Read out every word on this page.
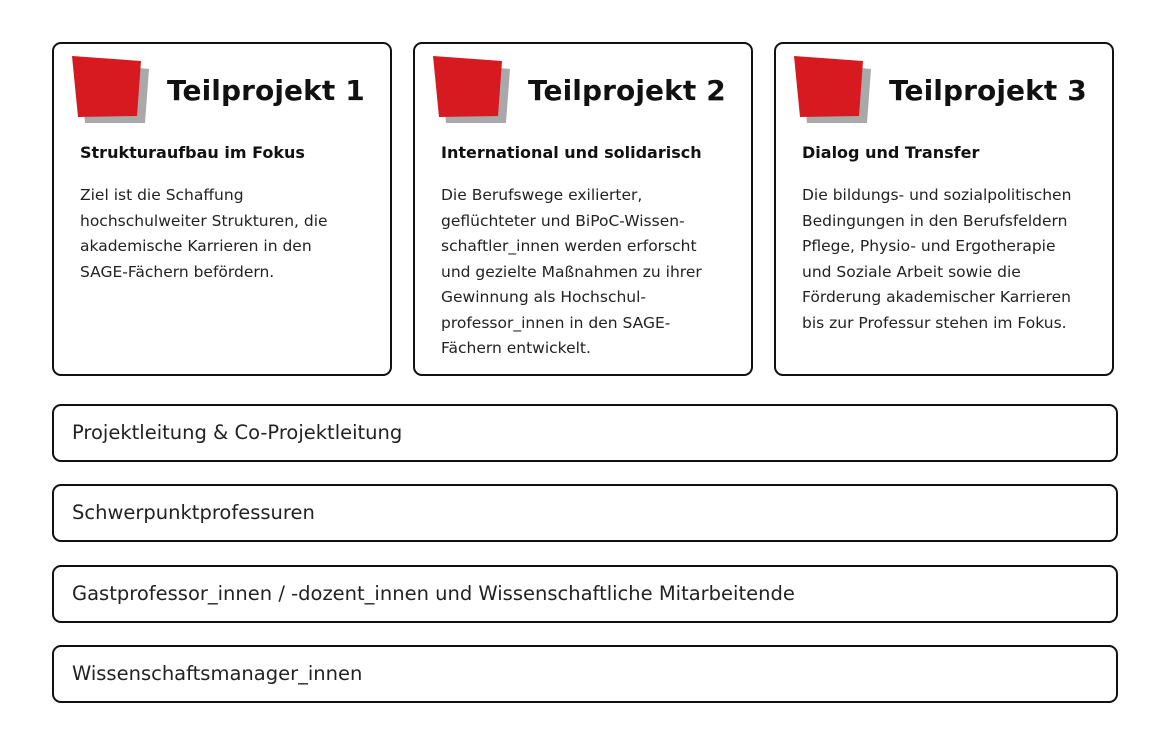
Teilprojekt 1
Strukturaufbau im Fokus

Ziel ist die Schaffung
hochschulweiter Strukturen, die
akademische Karrieren in den
SAGE-Fächern befördern.

Teilprojekt 2
International und solidarisch

Die Berufswege exilierter,
geflüchteter und BiPoC-Wissen-
schaftler_innen werden erforscht
und gezielte Maßnahmen zu ihrer
Gewinnung als Hochschul-
professor_innen in den SAGE-
Fächern entwickelt.

Teilprojekt 3
Dialog und Transfer

Die bildungs- und sozialpolitischen
Bedingungen in den Berufsfeldern
Pflege, Physio- und Ergotherapie
und Soziale Arbeit sowie die
Förderung akademischer Karrieren
bis zur Professur stehen im Fokus.

Projektleitung & Co-Projektleitung
Schwerpunktprofessuren
Gastprofessor_innen / -dozent_innen und Wissenschaftliche Mitarbeitende
Wissenschaftsmanager_innen
